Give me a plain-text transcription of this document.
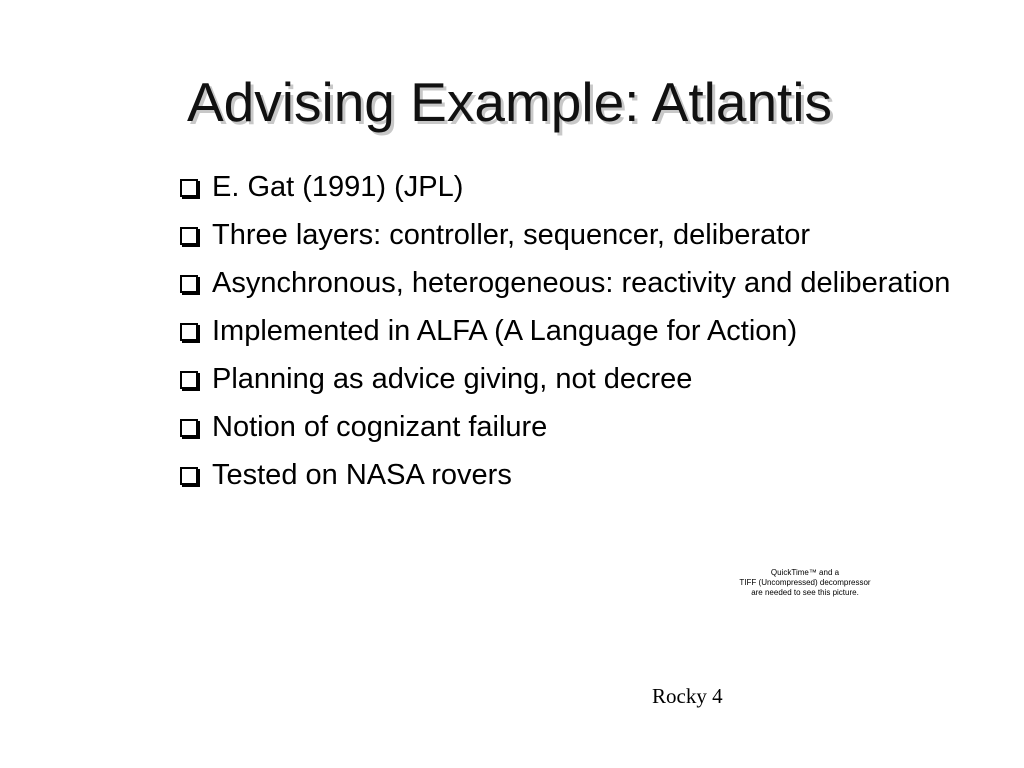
Advising Example: Atlantis
E. Gat (1991) (JPL)
Three layers: controller, sequencer, deliberator
Asynchronous, heterogeneous: reactivity and deliberation
Implemented in ALFA (A Language for Action)
Planning as advice giving, not decree
Notion of cognizant failure
Tested on NASA rovers
QuickTime™ and a
TIFF (Uncompressed) decompressor
are needed to see this picture.
Rocky 4
